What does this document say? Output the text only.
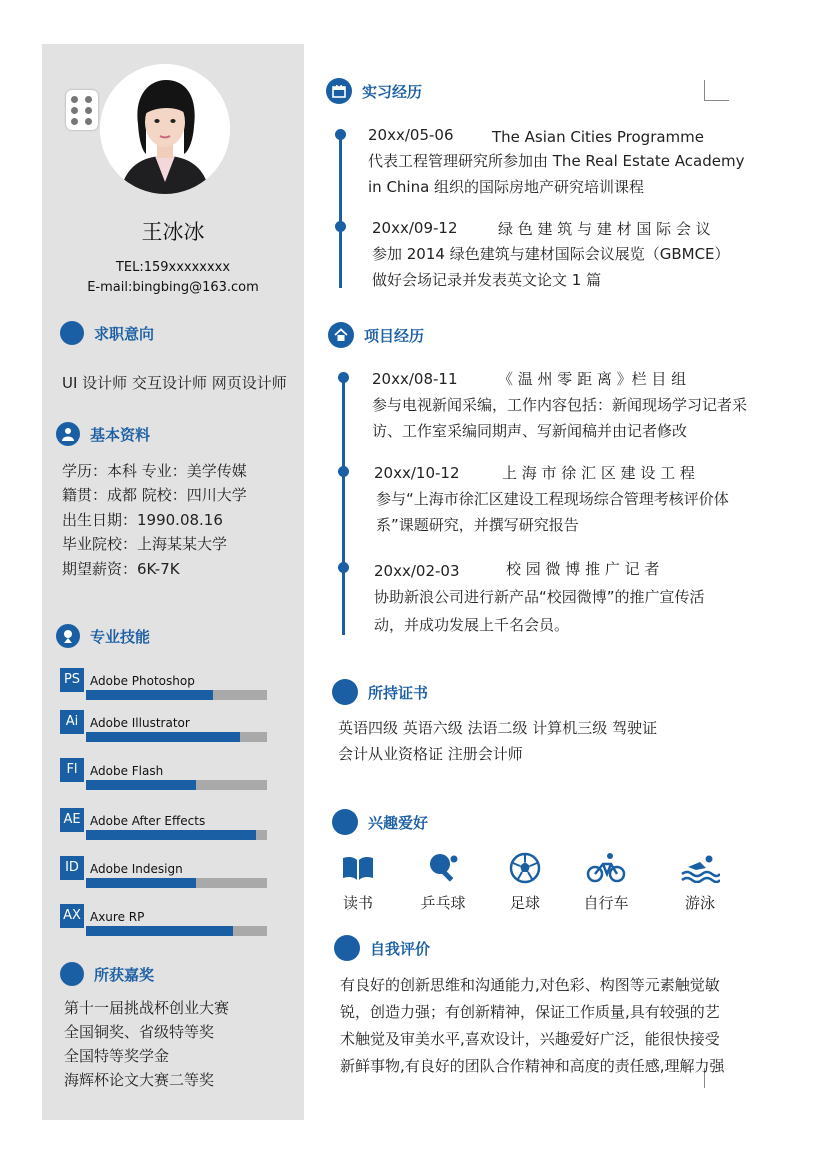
王冰冰
TEL:159xxxxxxxx
E-mail:bingbing@163.com
求职意向
UI 设计师 交互设计师 网页设计师
基本资料
学历：本科 专业：美学传媒
籍贯：成都 院校：四川大学
出生日期：1990.08.16
毕业院校：上海某某大学
期望薪资：6K-7K
专业技能
PS Adobe Photoshop
Ai Adobe Illustrator
Fl	Adobe Flash
AE Adobe After Effects
ID Adobe Indesign
AX Axure RP
所获嘉奖
第十一届挑战杯创业大赛
全国铜奖、省级特等奖
全国特等奖学金
海辉杯论文大赛二等奖
实习经历
20xx/05-06	The Asian Cities Programme
代表工程管理研究所参加由 The Real Estate Academy
in China 组织的国际房地产研究培训课程
20xx/09-12	绿 色 建 筑 与 建 材 国 际 会 议
参加 2014 绿色建筑与建材国际会议展览（GBMCE）
做好会场记录并发表英文论文 1 篇
项目经历
20xx/08-11	《 温 州 零 距 离 》栏 目 组
参与电视新闻采编，工作内容包括：新闻现场学习记者采
访、工作室采编同期声、写新闻稿并由记者修改
20xx/10-12	上 海 市 徐 汇 区 建 设 工 程
参与“上海市徐汇区建设工程现场综合管理考核评价体
系”课题研究，并撰写研究报告
20xx/02-03	校 园 微 博 推 广 记 者
协助新浪公司进行新产品“校园微博”的推广宣传活
动，并成功发展上千名会员。
所持证书
英语四级 英语六级 法语二级 计算机三级 驾驶证
会计从业资格证 注册会计师
兴趣爱好
读书	乒乓球	足球	自行车	游泳
自我评价
有良好的创新思维和沟通能力,对色彩、构图等元素触觉敏
锐，创造力强；有创新精神，保证工作质量,具有较强的艺
术触觉及审美水平,喜欢设计，兴趣爱好广泛，能很快接受
新鲜事物,有良好的团队合作精神和高度的责任感,理解力强
